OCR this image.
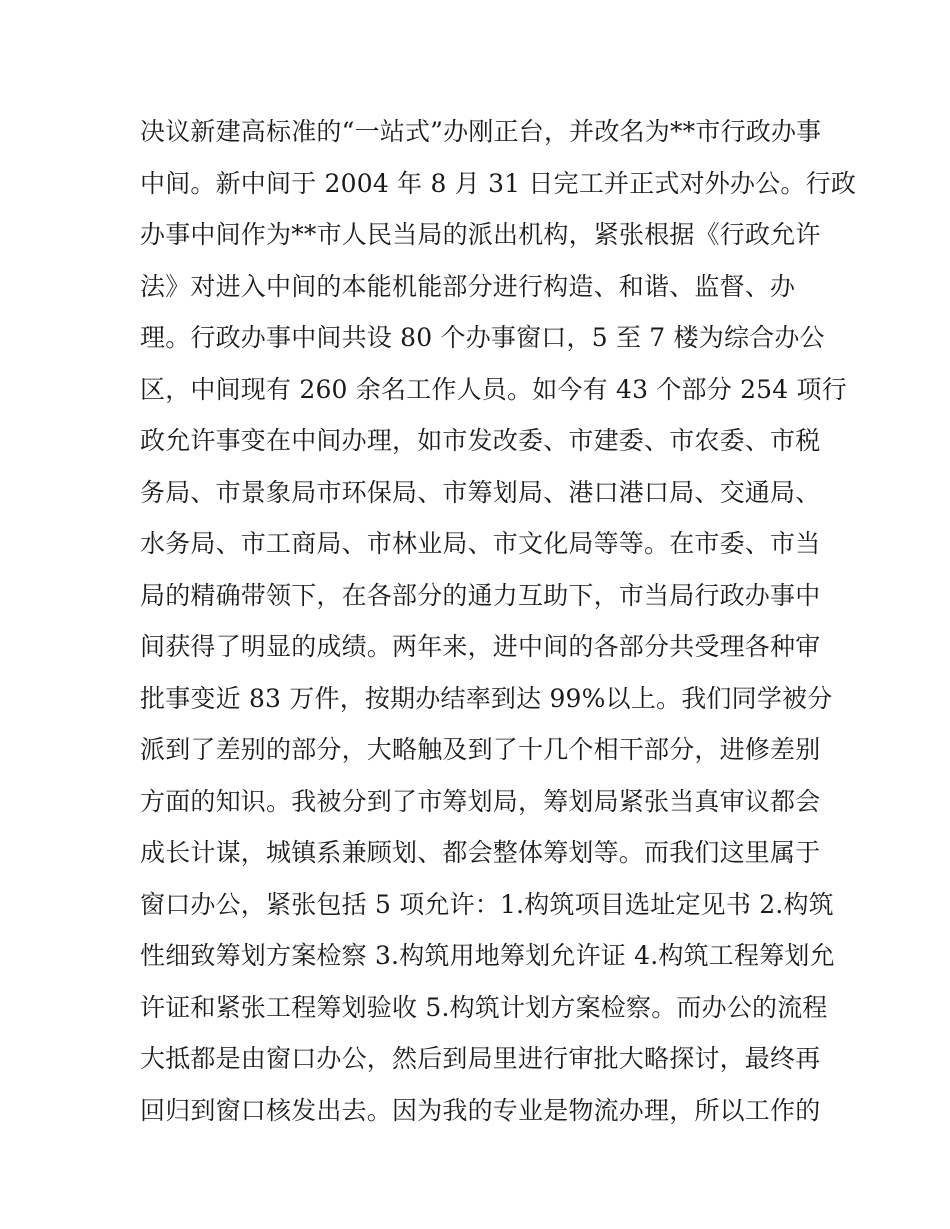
决议新建高标准的“一站式”办刚正台，并改名为**市行政办事
中间。新中间于 2004 年 8 月 31 日完工并正式对外办公。行政
办事中间作为**市人民当局的派出机构，紧张根据《行政允许
法》对进入中间的本能机能部分进行构造、和谐、监督、办
理。行政办事中间共设 80 个办事窗口，5 至 7 楼为综合办公
区，中间现有 260 余名工作人员。如今有 43 个部分 254 项行
政允许事变在中间办理，如市发改委、市建委、市农委、市税
务局、市景象局市环保局、市筹划局、港口港口局、交通局、
水务局、市工商局、市林业局、市文化局等等。在市委、市当
局的精确带领下，在各部分的通力互助下，市当局行政办事中
间获得了明显的成绩。两年来，进中间的各部分共受理各种审
批事变近 83 万件，按期办结率到达 99%以上。我们同学被分
派到了差别的部分，大略触及到了十几个相干部分，进修差别
方面的知识。我被分到了市筹划局，筹划局紧张当真审议都会
成长计谋，城镇系兼顾划、都会整体筹划等。而我们这里属于
窗口办公，紧张包括 5 项允许：1.构筑项目选址定见书 2.构筑
性细致筹划方案检察 3.构筑用地筹划允许证 4.构筑工程筹划允
许证和紧张工程筹划验收 5.构筑计划方案检察。而办公的流程
大抵都是由窗口办公，然后到局里进行审批大略探讨，最终再
回归到窗口核发出去。因为我的专业是物流办理，所以工作的
